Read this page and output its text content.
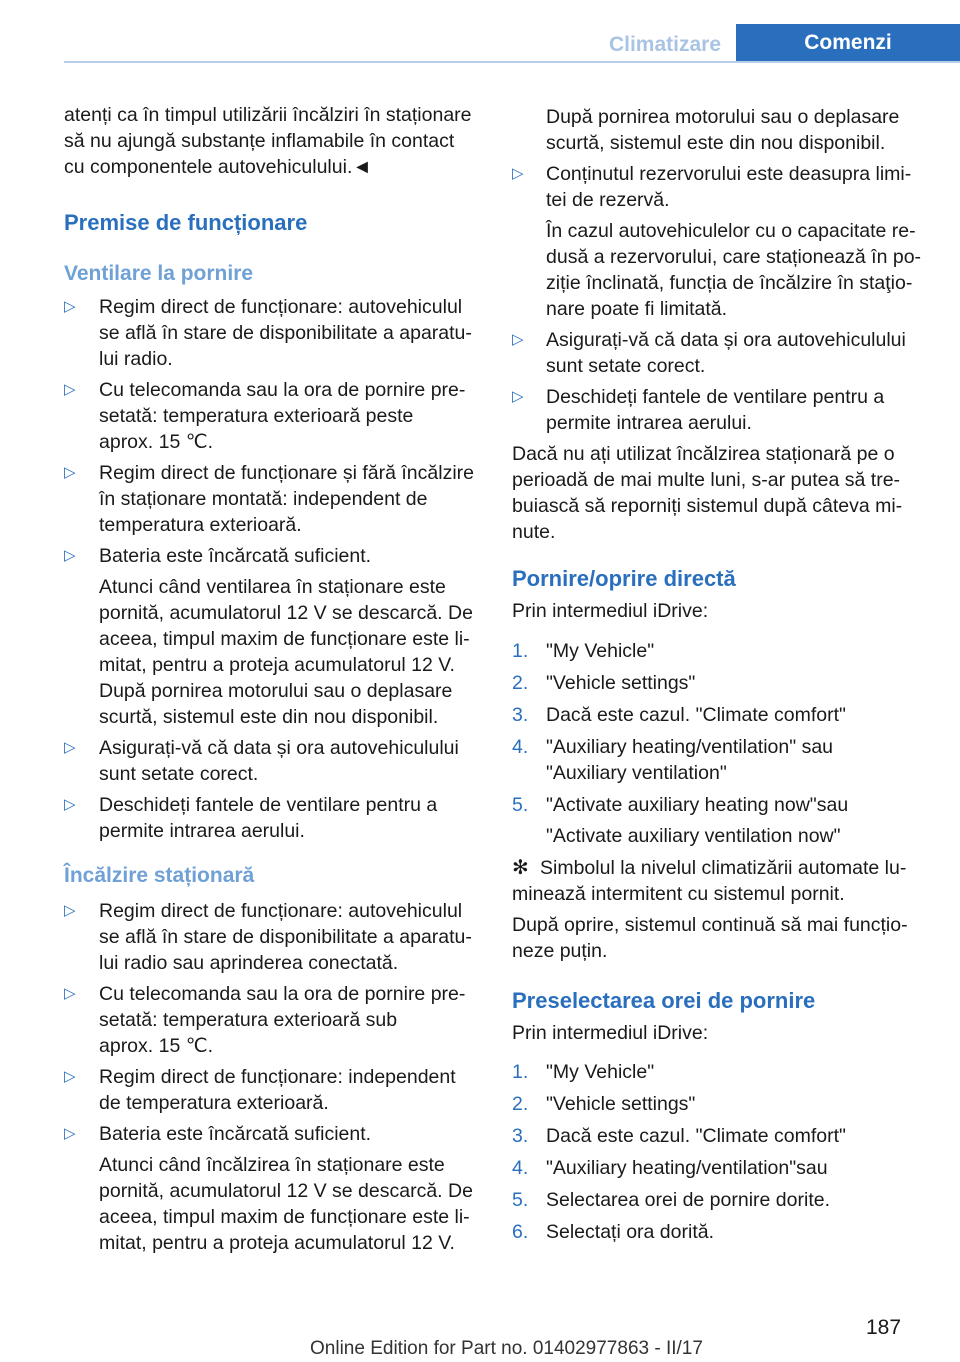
Climatizare	Comenzi
atenți ca în timpul utilizării încălziri în staționare
să nu ajungă substanțe inflamabile în contact
cu componentele autovehiculului.◄
Premise de funcționare
Ventilare la pornire
▷ Regim direct de funcționare: autovehiculul
se află în stare de disponibilitate a aparatu‐
lui radio.
▷ Cu telecomanda sau la ora de pornire pre‐
setată: temperatura exterioară peste
aprox. 15 ℃.
▷ Regim direct de funcționare și fără încălzire
în staționare montată: independent de
temperatura exterioară.
▷ Bateria este încărcată suficient.
Atunci când ventilarea în staționare este
pornită, acumulatorul 12 V se descarcă. De
aceea, timpul maxim de funcționare este li‐
mitat, pentru a proteja acumulatorul 12 V.
După pornirea motorului sau o deplasare
scurtă, sistemul este din nou disponibil.
▷ Asigurați-vă că data și ora autovehiculului
sunt setate corect.
▷ Deschideți fantele de ventilare pentru a
permite intrarea aerului.
Încălzire staționară
▷ Regim direct de funcționare: autovehiculul
se află în stare de disponibilitate a aparatu‐
lui radio sau aprinderea conectată.
▷ Cu telecomanda sau la ora de pornire pre‐
setată: temperatura exterioară sub
aprox. 15 ℃.
▷ Regim direct de funcționare: independent
de temperatura exterioară.
▷ Bateria este încărcată suficient.
Atunci când încălzirea în staționare este
pornită, acumulatorul 12 V se descarcă. De
aceea, timpul maxim de funcționare este li‐
mitat, pentru a proteja acumulatorul 12 V.
După pornirea motorului sau o deplasare
scurtă, sistemul este din nou disponibil.
▷ Conținutul rezervorului este deasupra limi‐
tei de rezervă.
În cazul autovehiculelor cu o capacitate re‐
dusă a rezervorului, care staționează în po‐
ziție înclinată, funcția de încălzire în staţio‐
nare poate fi limitată.
▷ Asigurați-vă că data și ora autovehiculului
sunt setate corect.
▷ Deschideți fantele de ventilare pentru a
permite intrarea aerului.
Dacă nu ați utilizat încălzirea staționară pe o
perioadă de mai multe luni, s-ar putea să tre‐
buiască să reporniți sistemul după câteva mi‐
nute.
Pornire/oprire directă
Prin intermediul iDrive:
1. "My Vehicle"
2. "Vehicle settings"
3. Dacă este cazul. "Climate comfort"
4. "Auxiliary heating/ventilation" sau
"Auxiliary ventilation"
5. "Activate auxiliary heating now"sau
"Activate auxiliary ventilation now"
✻ Simbolul la nivelul climatizării automate lu‐
minează intermitent cu sistemul pornit.
După oprire, sistemul continuă să mai funcțio‐
neze puțin.
Preselectarea orei de pornire
Prin intermediul iDrive:
1. "My Vehicle"
2. "Vehicle settings"
3. Dacă este cazul. "Climate comfort"
4. "Auxiliary heating/ventilation"sau
5. Selectarea orei de pornire dorite.
6. Selectați ora dorită.
187
Online Edition for Part no. 01402977863 - II/17
